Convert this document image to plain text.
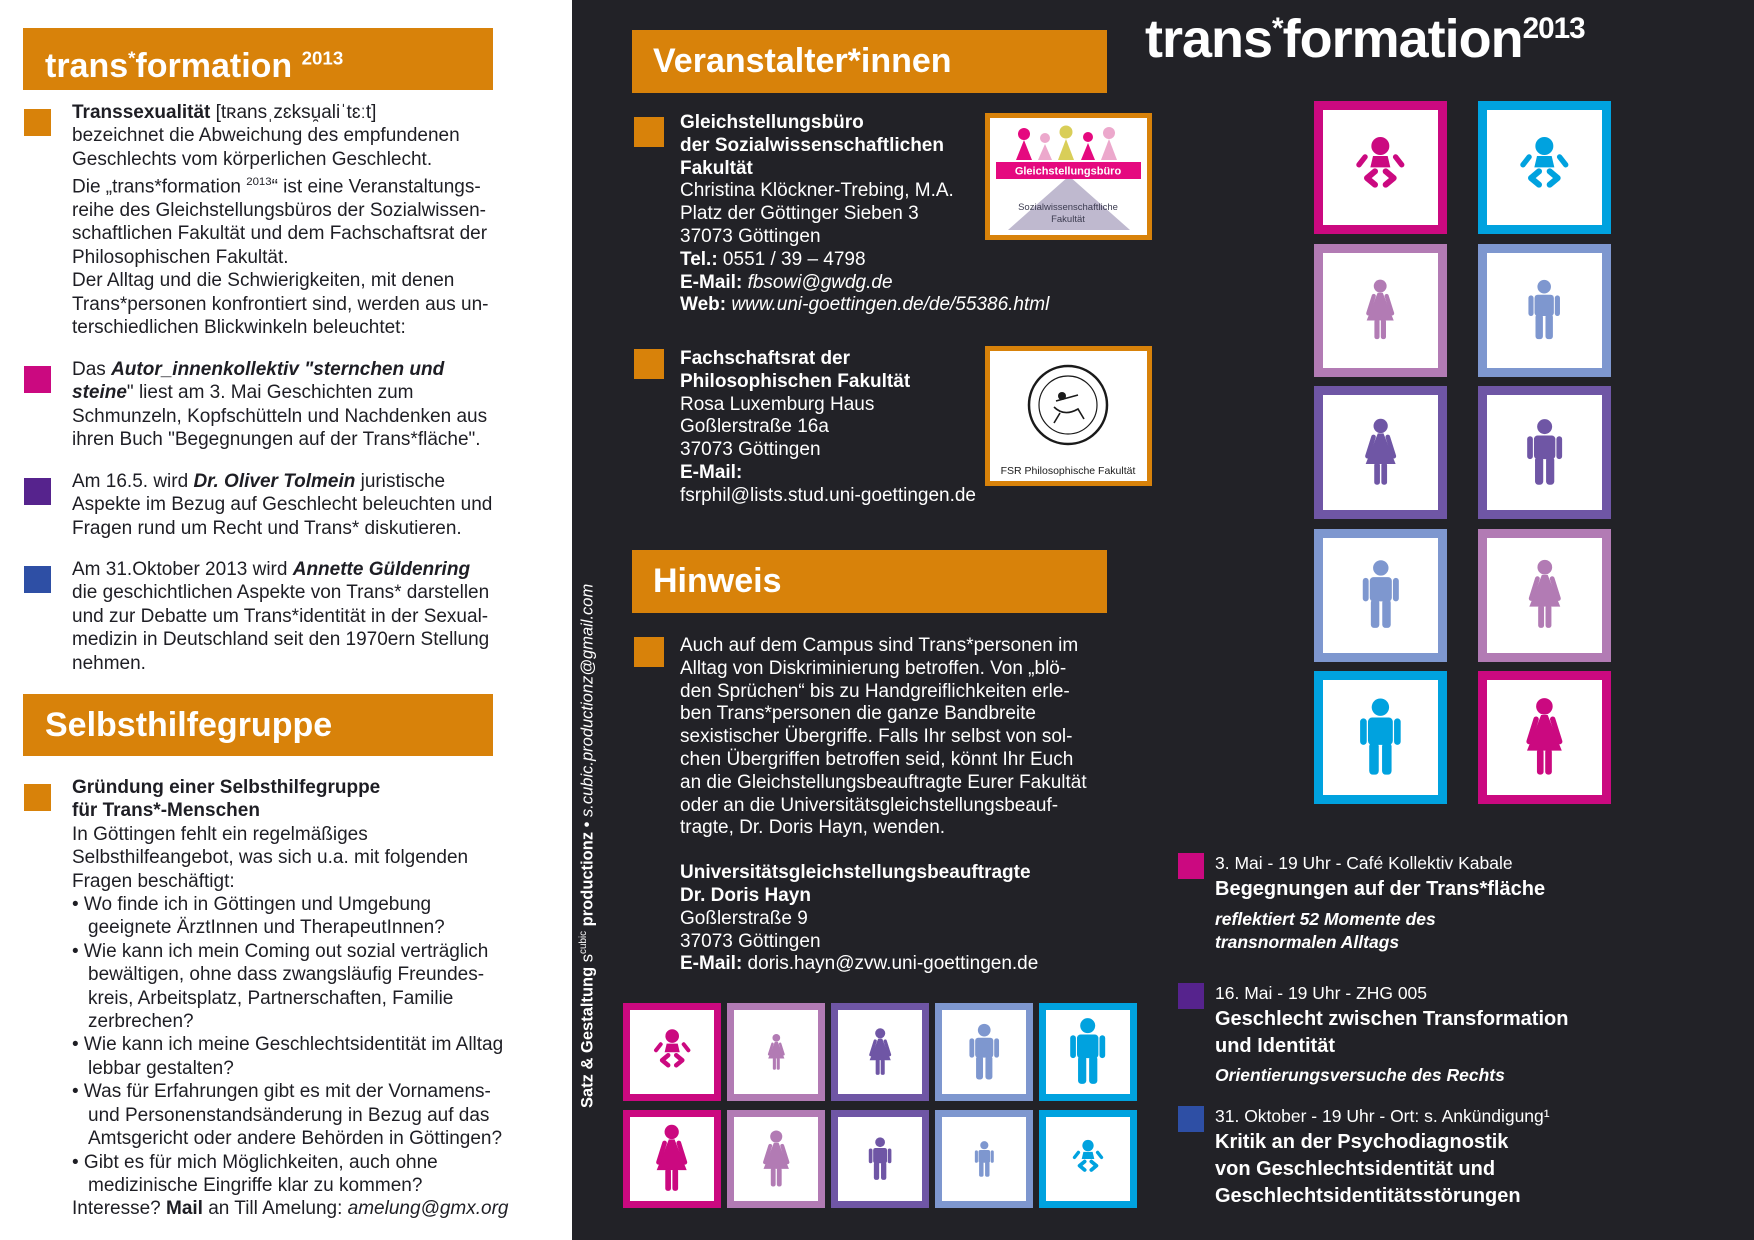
trans*formation $^{2013}$
Transsexualität [tʀansˌzɛksu̯aliˈtɛːt]
bezeichnet die Abweichung des empfundenen
Geschlechts vom körperlichen Geschlecht.
Die „trans*formation $^{2013}$“ ist eine Veranstaltungs-
reihe des Gleichstellungsbüros der Sozialwissen-
schaftlichen Fakultät und dem Fachschaftsrat der
Philosophischen Fakultät.
Der Alltag und die Schwierigkeiten, mit denen
Trans*personen konfrontiert sind, werden aus un-
terschiedlichen Blickwinkeln beleuchtet:
Das Autor_innenkollektiv "sternchen und
steine" liest am 3. Mai Geschichten zum
Schmunzeln, Kopfschütteln und Nachdenken aus
ihren Buch "Begegnungen auf der Trans*fläche".
Am 16.5. wird Dr. Oliver Tolmein juristische
Aspekte im Bezug auf Geschlecht beleuchten und
Fragen rund um Recht und Trans* diskutieren.
Am 31.Oktober 2013 wird Annette Güldenring
die geschichtlichen Aspekte von Trans* darstellen
und zur Debatte um Trans*identität in der Sexual-
medizin in Deutschland seit den 1970ern Stellung
nehmen.
Selbsthilfegruppe
Gründung einer Selbsthilfegruppe
für Trans*-Menschen
In Göttingen fehlt ein regelmäßiges
Selbsthilfeangebot, was sich u.a. mit folgenden
Fragen beschäftigt:
• Wo finde ich in Göttingen und Umgebung
geeignete ÄrztInnen und TherapeutInnen?
• Wie kann ich mein Coming out sozial verträglich
bewältigen, ohne dass zwangsläufig Freundes-
kreis, Arbeitsplatz, Partnerschaften, Familie
zerbrechen?
• Wie kann ich meine Geschlechtsidentität im Alltag
lebbar gestalten?
• Was für Erfahrungen gibt es mit der Vornamens-
und Personenstandsänderung in Bezug auf das
Amtsgericht oder andere Behörden in Göttingen?
• Gibt es für mich Möglichkeiten, auch ohne
medizinische Eingriffe klar zu kommen?
Interesse? Mail an Till Amelung: amelung@gmx.org
Satz & Gestaltung $s^{cubic}$ productionz • s.cubic.productionz@gmail.com
Veranstalter*innen
Gleichstellungsbüro
der Sozialwissenschaftlichen
Fakultät
Christina Klöckner-Trebing, M.A.
Platz der Göttinger Sieben 3
37073 Göttingen
Tel.: 0551 / 39 – 4798
E-Mail: fbsowi@gwdg.de
Web: www.uni-goettingen.de/de/55386.html
Gleichstellungsbüro
Sozialwissenschaftliche
Fakultät
Fachschaftsrat der
Philosophischen Fakultät
Rosa Luxemburg Haus
Goßlerstraße 16a
37073 Göttingen
E-Mail:
fsrphil@lists.stud.uni-goettingen.de
FSR Philosophische Fakultät
Hinweis
Auch auf dem Campus sind Trans*personen im
Alltag von Diskriminierung betroffen. Von „blö-
den Sprüchen“ bis zu Handgreiflichkeiten erle-
ben Trans*personen die ganze Bandbreite
sexistischer Übergriffe. Falls Ihr selbst von sol-
chen Übergriffen betroffen seid, könnt Ihr Euch
an die Gleichstellungsbeauftragte Eurer Fakultät
oder an die Universitätsgleichstellungsbeauf-
tragte, Dr. Doris Hayn, wenden.
Universitätsgleichstellungsbeauftragte
Dr. Doris Hayn
Goßlerstraße 9
37073 Göttingen
E-Mail: doris.hayn@zvw.uni-goettingen.de
trans*formation$^{2013}$
3. Mai - 19 Uhr - Café Kollektiv Kabale
Begegnungen auf der Trans*fläche
reflektiert 52 Momente des
transnormalen Alltags
16. Mai - 19 Uhr - ZHG 005
Geschlecht zwischen Transformation
und Identität
Orientierungsversuche des Rechts
31. Oktober - 19 Uhr - Ort: s. Ankündigung¹
Kritik an der Psychodiagnostik
von Geschlechtsidentität und
Geschlechtsidentitätsstörungen
